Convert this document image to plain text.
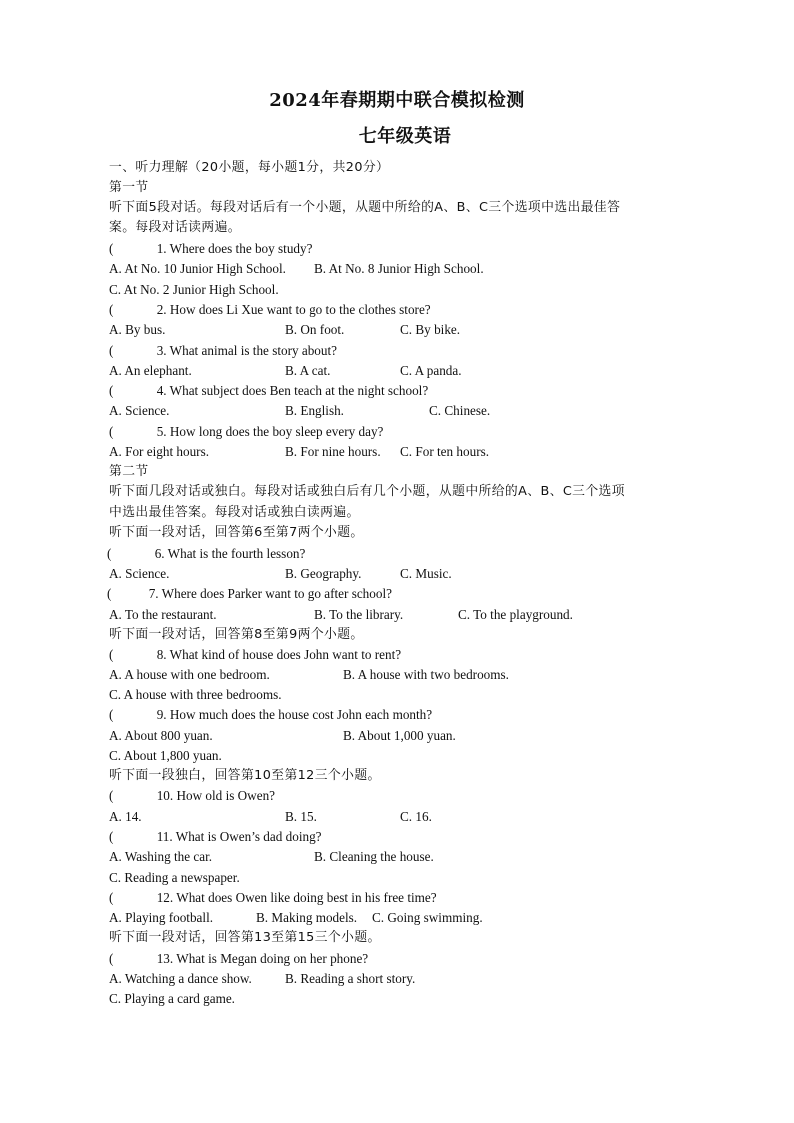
2024年春期期中联合模拟检测
七年级英语
一、听力理解（20小题，每小题1分，共20分）
第一节
听下面5段对话。每段对话后有一个小题，从题中所给的A、B、C三个选项中选出最佳答
案。每段对话读两遍。
(	1. Where does the boy study?
A. At No. 10 Junior High School. B. At No. 8 Junior High School.
C. At No. 2 Junior High School.
(	2. How does Li Xue want to go to the clothes store?
A. By bus.	B. On foot.	C. By bike.
(	3. What animal is the story about?
A. An elephant.	B. A cat.	C. A panda.
(	4. What subject does Ben teach at the night school?
A. Science.	B. English.	C. Chinese.
(	5. How long does the boy sleep every day?
A. For eight hours.	B. For nine hours. C. For ten hours.
第二节
听下面几段对话或独白。每段对话或独白后有几个小题，从题中所给的A、B、C三个选项
中选出最佳答案。每段对话或独白读两遍。
听下面一段对话，回答第6至第7两个小题。
(	6. What is the fourth lesson?
A. Science.	B. Geography.	C. Music.
(	7. Where does Parker want to go after school?
A. To the restaurant.	B. To the library.	C. To the playground.
听下面一段对话，回答第8至第9两个小题。
(	8. What kind of house does John want to rent?
A. A house with one bedroom.	B. A house with two bedrooms.
C. A house with three bedrooms.
(	9. How much does the house cost John each month?
A. About 800 yuan.	B. About 1,000 yuan.
C. About 1,800 yuan.
听下面一段独白，回答第10至第12三个小题。
(	10. How old is Owen?
A. 14.	B. 15.	C. 16.
(	11. What is Owen’s dad doing?
A. Washing the car.	B. Cleaning the house.
C. Reading a newspaper.
(	12. What does Owen like doing best in his free time?
A. Playing football.	B. Making models. C. Going swimming.
听下面一段对话，回答第13至第15三个小题。
(	13. What is Megan doing on her phone?
A. Watching a dance show.	B. Reading a short story.
C. Playing a card game.
